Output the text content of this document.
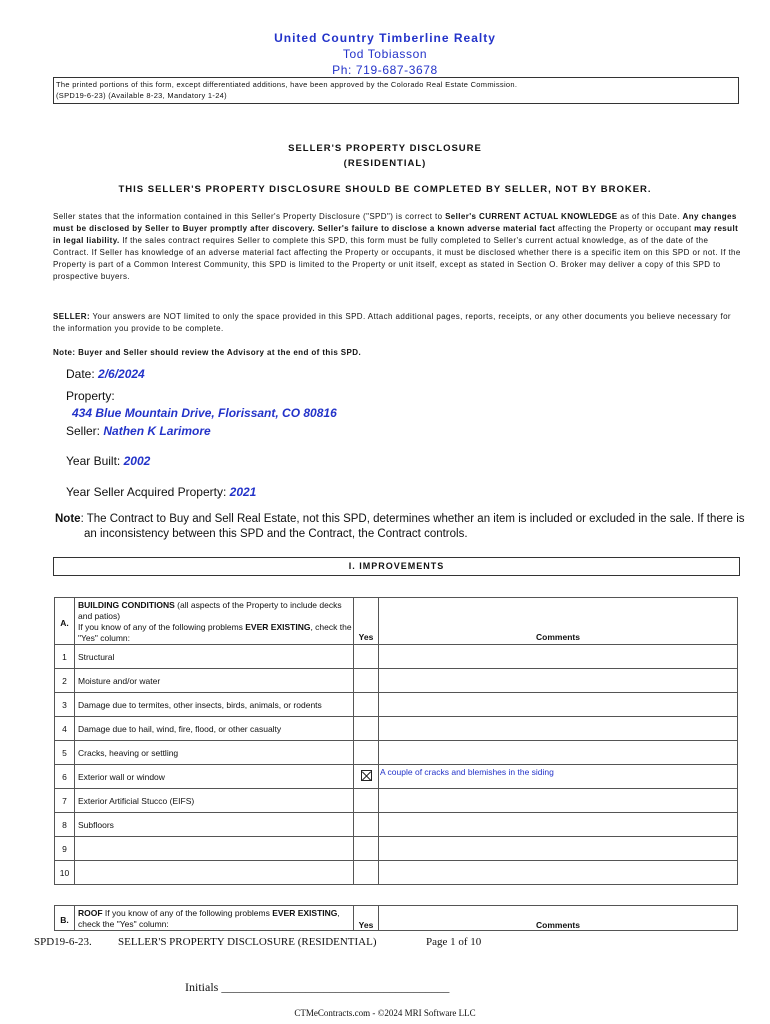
United Country Timberline Realty
Tod Tobiasson
Ph: 719-687-3678
The printed portions of this form, except differentiated additions, have been approved by the Colorado Real Estate Commission.
(SPD19-6-23) (Available 8-23, Mandatory 1-24)
SELLER'S PROPERTY DISCLOSURE
(RESIDENTIAL)
THIS SELLER'S PROPERTY DISCLOSURE SHOULD BE COMPLETED BY SELLER, NOT BY BROKER.
Seller states that the information contained in this Seller's Property Disclosure ("SPD") is correct to Seller's CURRENT ACTUAL KNOWLEDGE as of this Date. Any changes must be disclosed by Seller to Buyer promptly after discovery. Seller's failure to disclose a known adverse material fact affecting the Property or occupant may result in legal liability. If the sales contract requires Seller to complete this SPD, this form must be fully completed to Seller's current actual knowledge, as of the date of the Contract. If Seller has knowledge of an adverse material fact affecting the Property or occupants, it must be disclosed whether there is a specific item on this SPD or not. If the Property is part of a Common Interest Community, this SPD is limited to the Property or unit itself, except as stated in Section O. Broker may deliver a copy of this SPD to prospective buyers.
SELLER: Your answers are NOT limited to only the space provided in this SPD. Attach additional pages, reports, receipts, or any other documents you believe necessary for the information you provide to be complete.
Note: Buyer and Seller should review the Advisory at the end of this SPD.
Date: 2/6/2024
Property:
434 Blue Mountain Drive, Florissant, CO 80816
Seller: Nathen K Larimore
Year Built: 2002
Year Seller Acquired Property: 2021
Note: The Contract to Buy and Sell Real Estate, not this SPD, determines whether an item is included or excluded in the sale. If there is
an inconsistency between this SPD and the Contract, the Contract controls.
I. IMPROVEMENTS
A.	BUILDING CONDITIONS (all aspects of the Property to include decks and patios)
If you know of any of the following problems EVER EXISTING, check the "Yes" column:	Yes	Comments
1	Structural		
2	Moisture and/or water		
3	Damage due to termites, other insects, birds, animals, or rodents		
4	Damage due to hail, wind, fire, flood, or other casualty		
5	Cracks, heaving or settling		
6	Exterior wall or window		A couple of cracks and blemishes in the siding
7	Exterior Artificial Stucco (EIFS)		
8	Subfloors		
9			
10			
B.	ROOF If you know of any of the following problems EVER EXISTING, check the "Yes" column:	Yes	Comments
SPD19-6-23. SELLER'S PROPERTY DISCLOSURE (RESIDENTIAL)	Page 1 of 10
Initials ______________________________________
CTMeContracts.com - ©2024 MRI Software LLC
